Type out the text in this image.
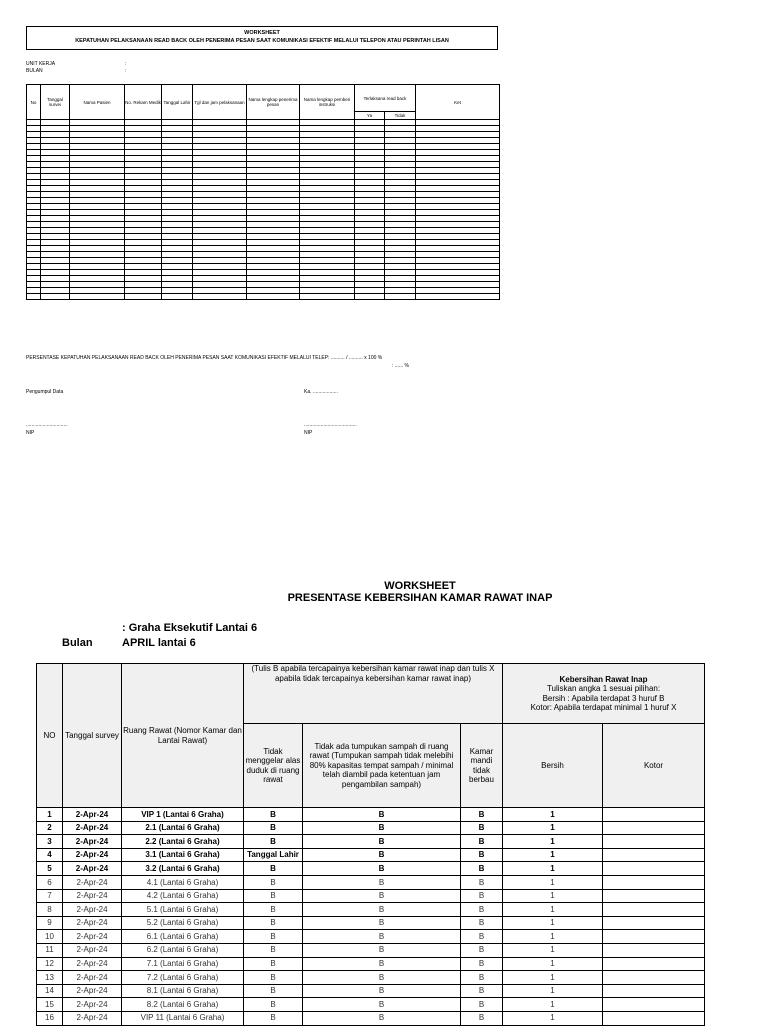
WORKSHEET
KEPATUHAN PELAKSANAAN READ BACK OLEH PENERIMA PESAN SAAT KOMUNIKASI EFEKTIF MELALUI TELEPON ATAU PERINTAH LISAN
UNIT KERJA	:
BULAN	:
No	Tanggal survei	Nama Pasien	No. Rekam Medik	Tanggal Lahir	Tgl dan jam pelaksanaan	Nama lengkap penerima pesan	Nama lengkap pemberi instruksi	Terlaksana read back		Ket
								Ya	Tidak	

PERSENTASE KEPATUHAN PELAKSANAAN READ BACK OLEH PENERIMA PESAN SAAT KOMUNIKASI EFEKTIF MELALUI TELEP: .......... / .......... x 100 %
: ...... %
Pengumpul Data	Ka. ..................
..............................	......................................
NIP	NIP
WORKSHEET
PRESENTASE KEBERSIHAN KAMAR RAWAT INAP
: Graha Eksekutif Lantai 6
Bulan	APRIL lantai 6
NO	Tanggal survey	Ruang Rawat (Nomor Kamar dan Lantai Rawat)	(Tulis B apabila tercapainya kebersihan kamar rawat inap dan tulis X apabila tidak tercapainya kebersihan kamar rawat inap)			Kebersihan Rawat Inap
Tuliskan angka 1 sesuai pilihan:
Bersih : Apabila terdapat 3 huruf B
Kotor: Apabila terdapat minimal 1 huruf X	

			Tidak menggelar alas duduk di ruang rawat	Tidak ada tumpukan sampah di ruang rawat (Tumpukan sampah tidak melebihi 80% kapasitas tempat sampah / minimal telah diambil pada ketentuan jam pengambilan sampah)	Kamar mandi tidak berbau	Bersih	Kotor
1	2-Apr-24	VIP 1 (Lantai 6 Graha)	B	B	B	1	
2	2-Apr-24	2.1 (Lantai 6 Graha)	B	B	B	1	
3	2-Apr-24	2.2 (Lantai 6 Graha)	B	B	B	1	
4	2-Apr-24	3.1 (Lantai 6 Graha)	Tanggal Lahir	B	B	1	
5	2-Apr-24	3.2 (Lantai 6 Graha)	B	B	B	1	
6	2-Apr-24	4.1 (Lantai 6 Graha)	B	B	B	1	
7	2-Apr-24	4.2 (Lantai 6 Graha)	B	B	B	1	
8	2-Apr-24	5.1 (Lantai 6 Graha)	B	B	B	1	
9	2-Apr-24	5.2 (Lantai 6 Graha)	B	B	B	1	
10	2-Apr-24	6.1 (Lantai 6 Graha)	B	B	B	1	
11	2-Apr-24	6.2 (Lantai 6 Graha)	B	B	B	1	
12	2-Apr-24	7.1 (Lantai 6 Graha)	B	B	B	1	
13	2-Apr-24	7.2 (Lantai 6 Graha)	B	B	B	1	
14	2-Apr-24	8.1 (Lantai 6 Graha)	B	B	B	1	
15	2-Apr-24	8.2 (Lantai 6 Graha)	B	B	B	1	
16	2-Apr-24	VIP 11 (Lantai 6 Graha)	B	B	B	1	
